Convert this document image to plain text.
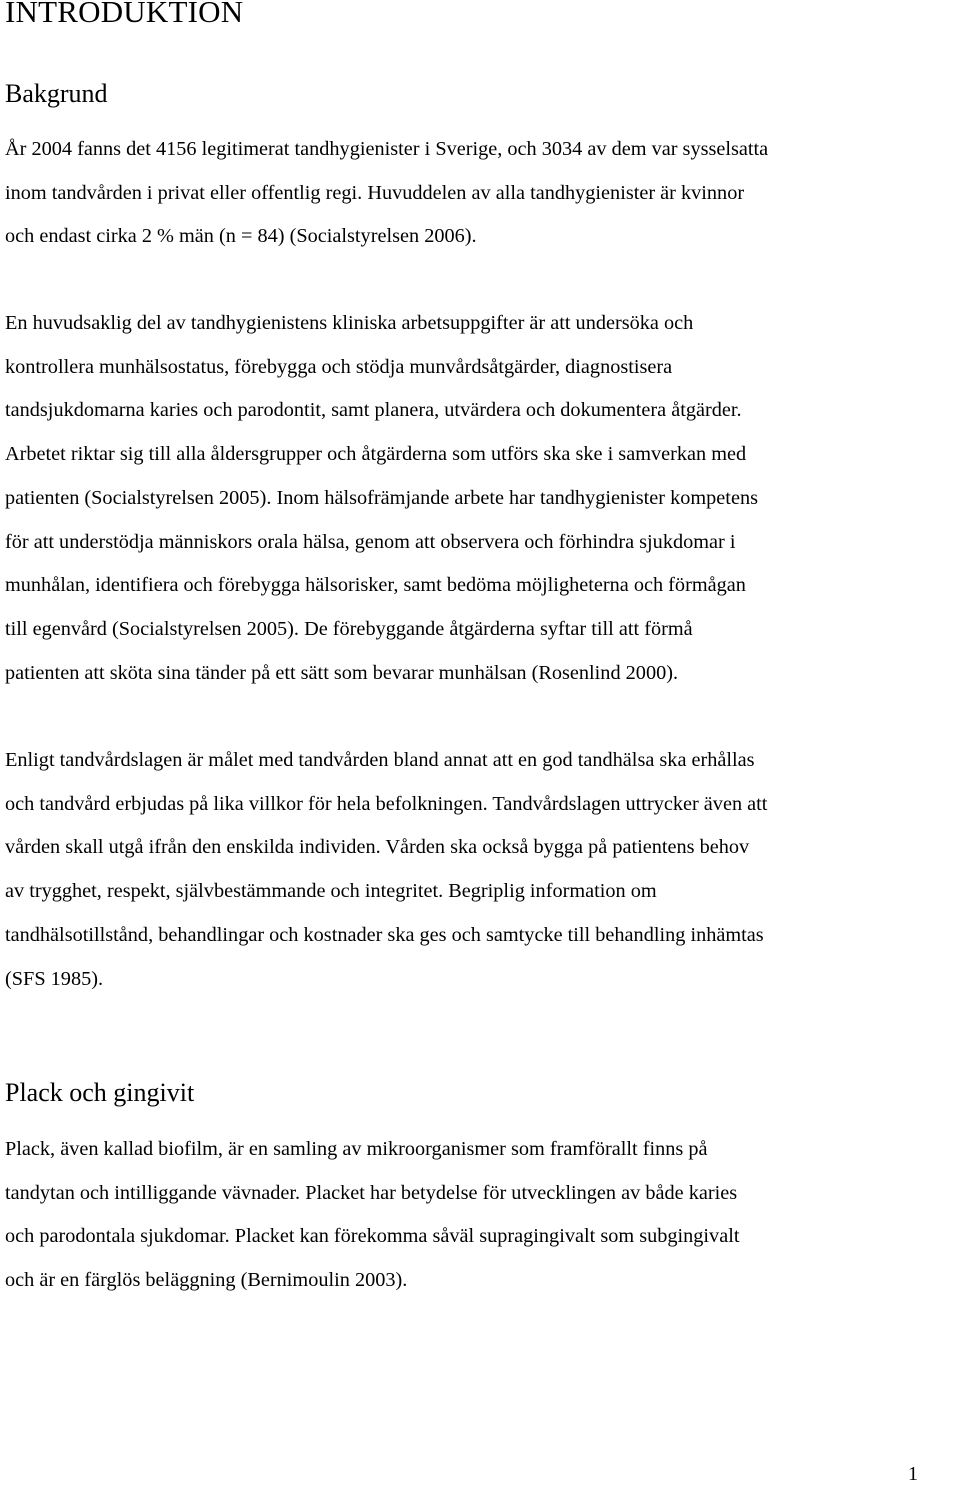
INTRODUKTION
Bakgrund

År 2004 fanns det 4156 legitimerat tandhygienister i Sverige, och 3034 av dem var sysselsatta
inom tandvården i privat eller offentlig regi. Huvuddelen av alla tandhygienister är kvinnor
och endast cirka 2 % män (n = 84) (Socialstyrelsen 2006).

En huvudsaklig del av tandhygienistens kliniska arbetsuppgifter är att undersöka och
kontrollera munhälsostatus, förebygga och stödja munvårdsåtgärder, diagnostisera
tandsjukdomarna karies och parodontit, samt planera, utvärdera och dokumentera åtgärder.
Arbetet riktar sig till alla åldersgrupper och åtgärderna som utförs ska ske i samverkan med
patienten (Socialstyrelsen 2005). Inom hälsofrämjande arbete har tandhygienister kompetens
för att understödja människors orala hälsa, genom att observera och förhindra sjukdomar i
munhålan, identifiera och förebygga hälsorisker, samt bedöma möjligheterna och förmågan
till egenvård (Socialstyrelsen 2005). De förebyggande åtgärderna syftar till att förmå
patienten att sköta sina tänder på ett sätt som bevarar munhälsan (Rosenlind 2000).

Enligt tandvårdslagen är målet med tandvården bland annat att en god tandhälsa ska erhållas
och tandvård erbjudas på lika villkor för hela befolkningen. Tandvårdslagen uttrycker även att
vården skall utgå ifrån den enskilda individen. Vården ska också bygga på patientens behov
av trygghet, respekt, självbestämmande och integritet. Begriplig information om
tandhälsotillstånd, behandlingar och kostnader ska ges och samtycke till behandling inhämtas
(SFS 1985).

Plack och gingivit

Plack, även kallad biofilm, är en samling av mikroorganismer som framförallt finns på
tandytan och intilliggande vävnader. Placket har betydelse för utvecklingen av både karies
och parodontala sjukdomar. Placket kan förekomma såväl supragingivalt som subgingivalt
och är en färglös beläggning (Bernimoulin 2003).

1
